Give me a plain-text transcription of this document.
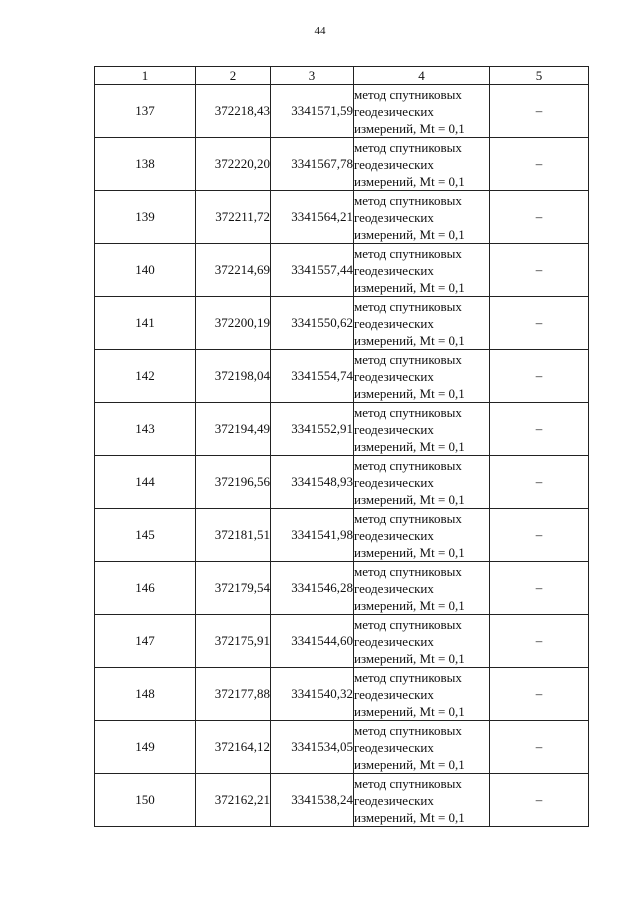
44
1	2	3	4	5
137	372218,43	3341571,59	метод спутниковых
геодезических
измерений, Mt = 0,1	–
138	372220,20	3341567,78	метод спутниковых
геодезических
измерений, Mt = 0,1	–
139	372211,72	3341564,21	метод спутниковых
геодезических
измерений, Mt = 0,1	–
140	372214,69	3341557,44	метод спутниковых
геодезических
измерений, Mt = 0,1	–
141	372200,19	3341550,62	метод спутниковых
геодезических
измерений, Mt = 0,1	–
142	372198,04	3341554,74	метод спутниковых
геодезических
измерений, Mt = 0,1	–
143	372194,49	3341552,91	метод спутниковых
геодезических
измерений, Mt = 0,1	–
144	372196,56	3341548,93	метод спутниковых
геодезических
измерений, Mt = 0,1	–
145	372181,51	3341541,98	метод спутниковых
геодезических
измерений, Mt = 0,1	–
146	372179,54	3341546,28	метод спутниковых
геодезических
измерений, Mt = 0,1	–
147	372175,91	3341544,60	метод спутниковых
геодезических
измерений, Mt = 0,1	–
148	372177,88	3341540,32	метод спутниковых
геодезических
измерений, Mt = 0,1	–
149	372164,12	3341534,05	метод спутниковых
геодезических
измерений, Mt = 0,1	–
150	372162,21	3341538,24	метод спутниковых
геодезических
измерений, Mt = 0,1	–
